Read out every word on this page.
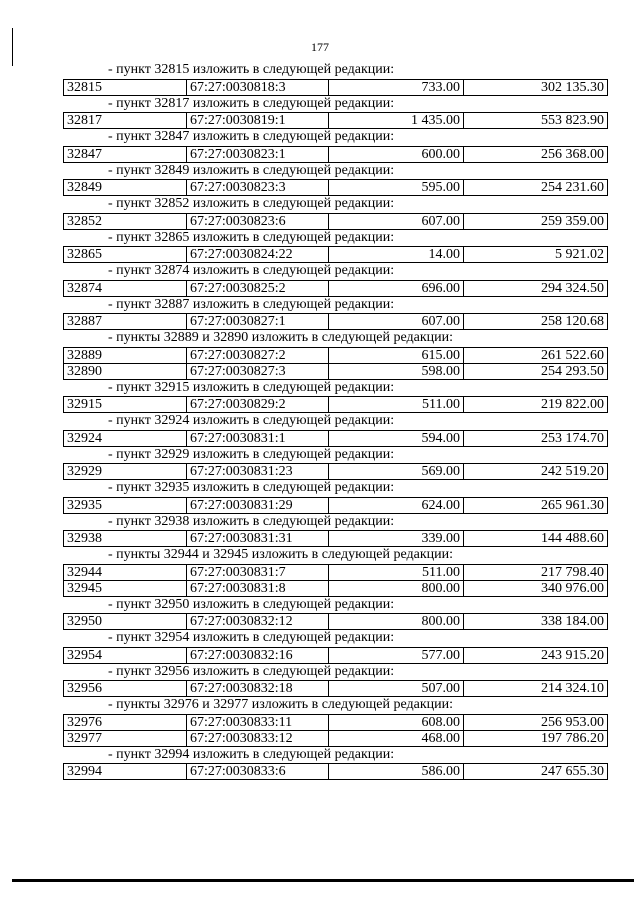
177
- пункт 32815 изложить в следующей редакции:
32815	67:27:0030818:3	733.00	302 135.30
- пункт 32817 изложить в следующей редакции:
32817	67:27:0030819:1	1 435.00	553 823.90
- пункт 32847 изложить в следующей редакции:
32847	67:27:0030823:1	600.00	256 368.00
- пункт 32849 изложить в следующей редакции:
32849	67:27:0030823:3	595.00	254 231.60
- пункт 32852 изложить в следующей редакции:
32852	67:27:0030823:6	607.00	259 359.00
- пункт 32865 изложить в следующей редакции:
32865	67:27:0030824:22	14.00	5 921.02
- пункт 32874 изложить в следующей редакции:
32874	67:27:0030825:2	696.00	294 324.50
- пункт 32887 изложить в следующей редакции:
32887	67:27:0030827:1	607.00	258 120.68
- пункты 32889 и 32890 изложить в следующей редакции:
32889	67:27:0030827:2	615.00	261 522.60
32890	67:27:0030827:3	598.00	254 293.50
- пункт 32915 изложить в следующей редакции:
32915	67:27:0030829:2	511.00	219 822.00
- пункт 32924 изложить в следующей редакции:
32924	67:27:0030831:1	594.00	253 174.70
- пункт 32929 изложить в следующей редакции:
32929	67:27:0030831:23	569.00	242 519.20
- пункт 32935 изложить в следующей редакции:
32935	67:27:0030831:29	624.00	265 961.30
- пункт 32938 изложить в следующей редакции:
32938	67:27:0030831:31	339.00	144 488.60
- пункты 32944 и 32945 изложить в следующей редакции:
32944	67:27:0030831:7	511.00	217 798.40
32945	67:27:0030831:8	800.00	340 976.00
- пункт 32950 изложить в следующей редакции:
32950	67:27:0030832:12	800.00	338 184.00
- пункт 32954 изложить в следующей редакции:
32954	67:27:0030832:16	577.00	243 915.20
- пункт 32956 изложить в следующей редакции:
32956	67:27:0030832:18	507.00	214 324.10
- пункты 32976 и 32977 изложить в следующей редакции:
32976	67:27:0030833:11	608.00	256 953.00
32977	67:27:0030833:12	468.00	197 786.20
- пункт 32994 изложить в следующей редакции:
32994	67:27:0030833:6	586.00	247 655.30
